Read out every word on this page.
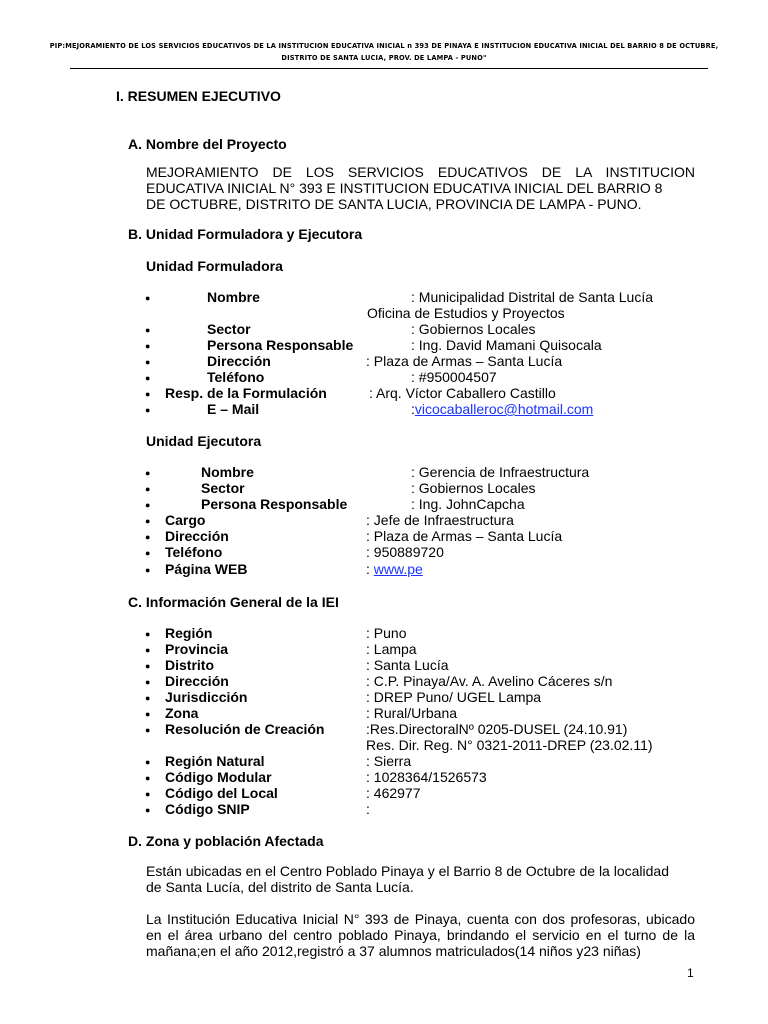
PIP:MEJORAMIENTO DE LOS SERVICIOS EDUCATIVOS DE LA INSTITUCION EDUCATIVA INICIAL n 393 DE PINAYA E INSTITUCION EDUCATIVA INICIAL DEL BARRIO 8 DE OCTUBRE,
DISTRITO DE SANTA LUCIA, PROV. DE LAMPA - PUNO"
I. RESUMEN EJECUTIVO
A. Nombre del Proyecto
MEJORAMIENTO DE LOS SERVICIOS EDUCATIVOS DE LA INSTITUCION EDUCATIVA INICIAL N° 393 E INSTITUCION EDUCATIVA INICIAL DEL BARRIO 8
DE OCTUBRE, DISTRITO DE SANTA LUCIA, PROVINCIA DE LAMPA - PUNO.
B. Unidad Formuladora y Ejecutora
Unidad Formuladora
●	Nombre	: Municipalidad Distrital de Santa Lucía
Oficina de Estudios y Proyectos
●	Sector	: Gobiernos Locales
●	Persona Responsable	: Ing. David Mamani Quisocala
●	Dirección	: Plaza de Armas – Santa Lucía
●	Teléfono	: #950004507
● Resp. de la Formulación	: Arq. Víctor Caballero Castillo
●	E – Mail	:vicocaballeroc@hotmail.com
Unidad Ejecutora
●	Nombre	: Gerencia de Infraestructura
●	Sector	: Gobiernos Locales
●	Persona Responsable	: Ing. JohnCapcha
● Cargo	: Jefe de Infraestructura
● Dirección	: Plaza de Armas – Santa Lucía
● Teléfono	: 950889720
● Página WEB	: www.pe
C. Información General de la IEI
● Región	: Puno
● Provincia	: Lampa
● Distrito	: Santa Lucía
● Dirección	: C.P. Pinaya/Av. A. Avelino Cáceres s/n
● Jurisdicción	: DREP Puno/ UGEL Lampa
● Zona	: Rural/Urbana
● Resolución de Creación	:Res.DirectoralNº 0205-DUSEL (24.10.91)
Res. Dir. Reg. N° 0321-2011-DREP (23.02.11)
● Región Natural	: Sierra
● Código Modular	: 1028364/1526573
● Código del Local	: 462977
● Código SNIP	:
D. Zona y población Afectada
Están ubicadas en el Centro Poblado Pinaya y el Barrio 8 de Octubre de la localidad
de Santa Lucía, del distrito de Santa Lucía.
La Institución Educativa Inicial N° 393 de Pinaya, cuenta con dos profesoras, ubicado en el área urbano del centro poblado Pinaya, brindando el servicio en el turno de la mañana;en el año 2012,registró a 37 alumnos matriculados(14 niños y23 niñas)
1
